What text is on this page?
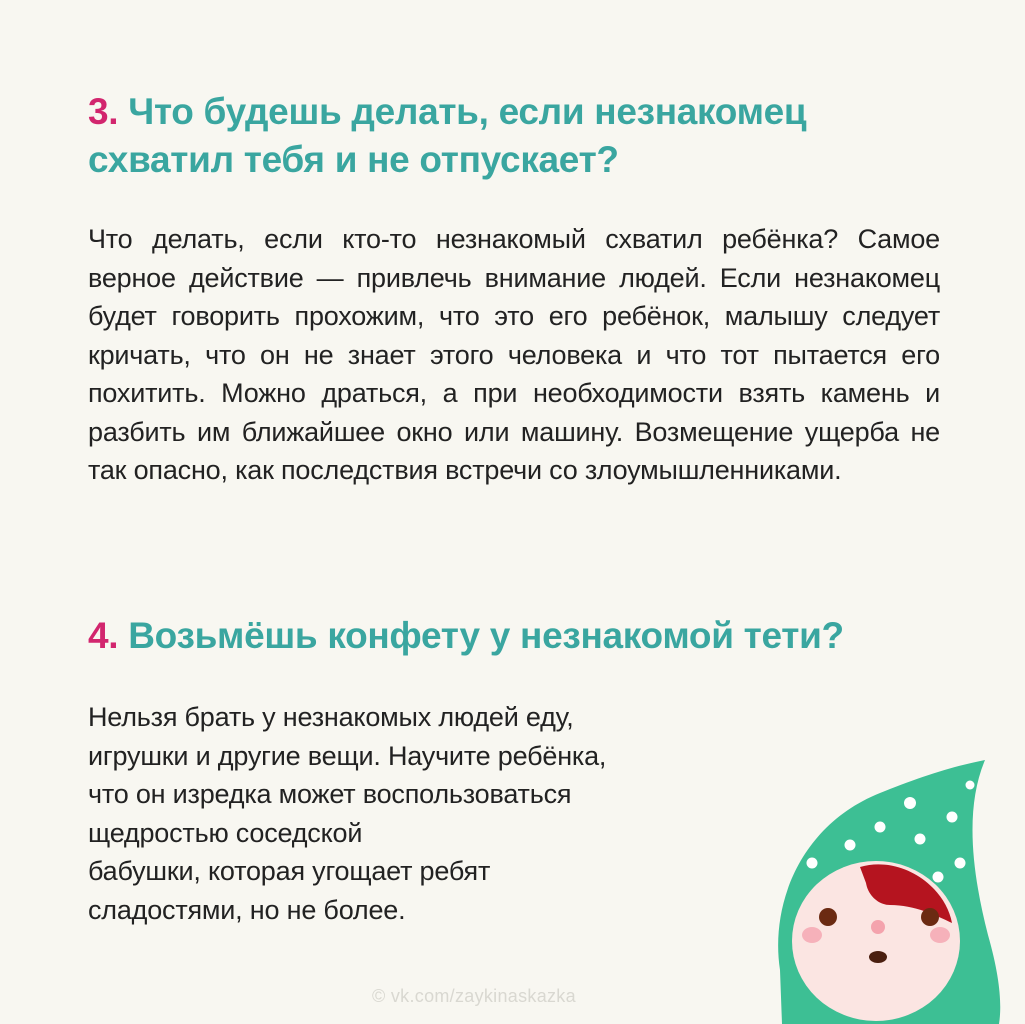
3. Что будешь делать, если незнакомец схватил тебя и не отпускает?

Что делать, если кто-то незнакомый схватил ребёнка? Самое верное действие — привлечь внимание людей. Если незнакомец будет говорить прохожим, что это его ребёнок, малышу следует кричать, что он не знает этого человека и что тот пытается его похитить. Можно драться, а при необходимости взять камень и разбить им ближайшее окно или машину. Возмещение ущерба не так опасно, как последствия встречи со злоумышленниками.

4. Возьмёшь конфету у незнакомой тети?

Нельзя брать у незнакомых людей еду,
игрушки и другие вещи. Научите ребёнка,
что он изредка может воспользоваться
щедростью соседской
бабушки, которая угощает ребят
сладостями, но не более.

© vk.com/zaykinaskazka
